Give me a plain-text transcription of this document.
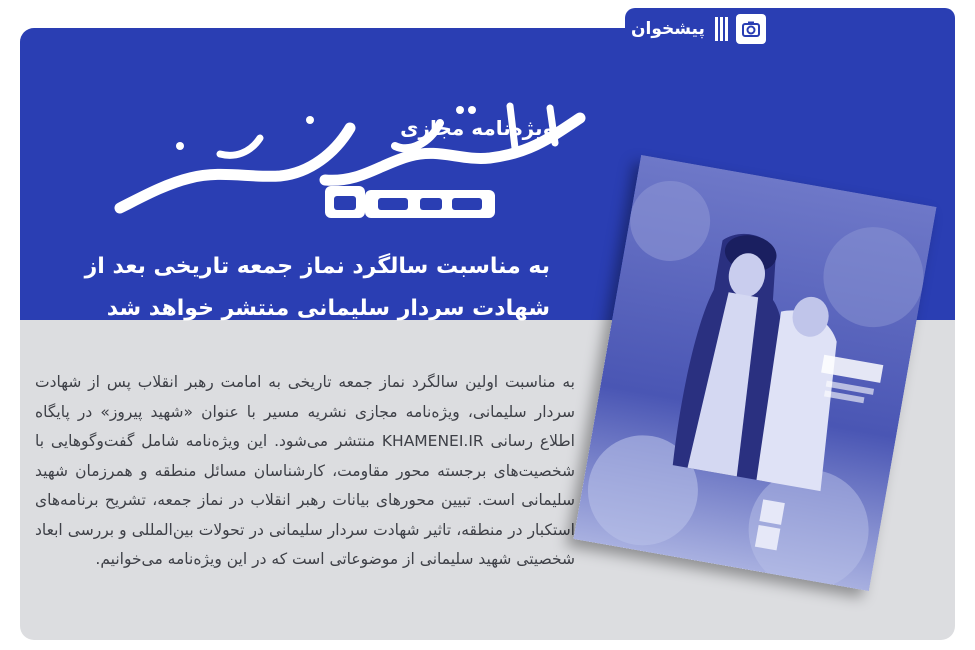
ویژه‌نامه مجازی
به مناسبت سالگرد نماز جمعه تاریخی بعد از شهادت سردار سلیمانی منتشر خواهد شد
به مناسبت اولین سالگرد نماز جمعه تاریخی به امامت رهبر انقلاب پس از شهادت سردار سلیمانی، ویژه‌نامه مجازی نشریه مسیر با عنوان «شهید پیروز» در پایگاه اطلاع رسانی KHAMENEI.IR منتشر می‌شود. این ویژه‌نامه شامل گفت‌وگوهایی با شخصیت‌های برجسته محور مقاومت، کارشناسان مسائل منطقه و همرزمان شهید سلیمانی است. تبیین محورهای بیانات رهبر انقلاب در نماز جمعه، تشریح برنامه‌های استکبار در منطقه، تاثیر شهادت سردار سلیمانی در تحولات بین‌المللی و بررسی ابعاد شخصیتی شهید سلیمانی از موضوعاتی است که در این ویژه‌نامه می‌خوانیم.
پیشخوان
